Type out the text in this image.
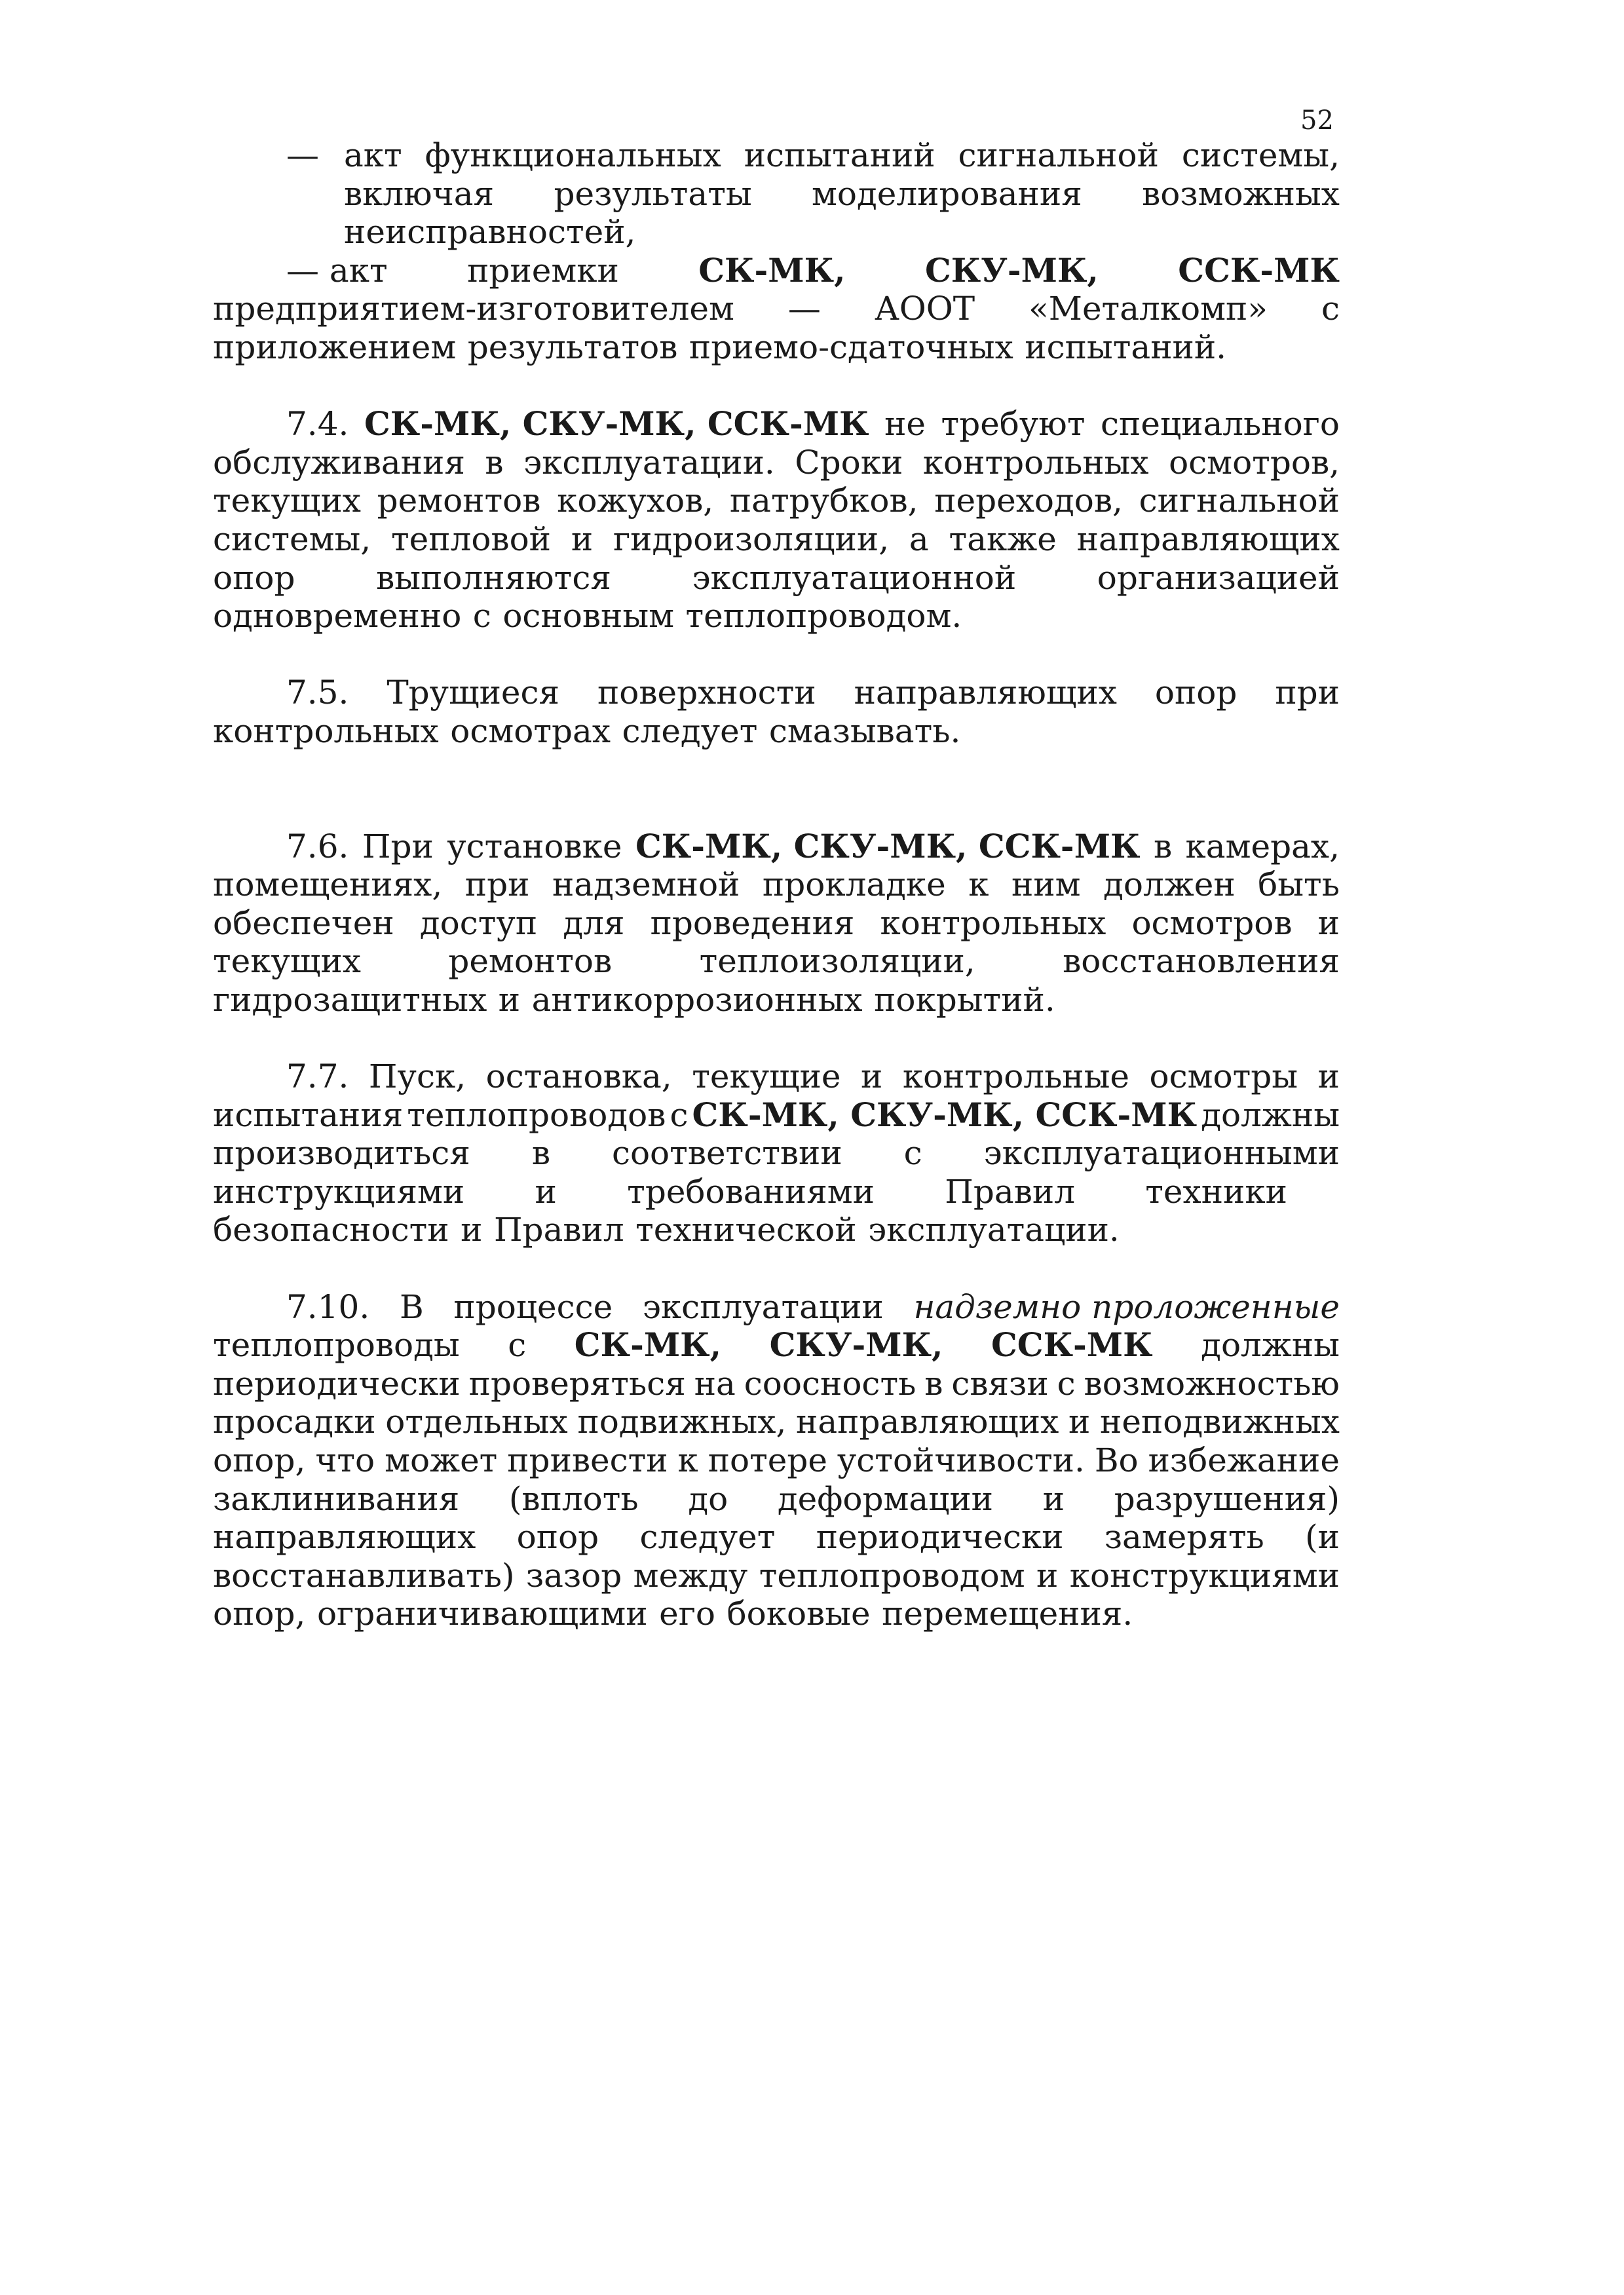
52
— акт функциональных испытаний сигнальной системы,
включая результаты моделирования возможных
неисправностей,
— акт приемки СК-МК, СКУ-МК, ССК-МК
предприятием-изготовителем — АООТ «Металкомп» с
приложением результатов приемо-сдаточных испытаний.
7.4. СК-МК, СКУ-МК, ССК-МК не требуют специального
обслуживания в эксплуатации. Сроки контрольных осмотров,
текущих ремонтов кожухов, патрубков, переходов, сигнальной
системы, тепловой и гидроизоляции, а также направляющих
опор выполняются эксплуатационной организацией
одновременно с основным теплопроводом.
7.5. Трущиеся поверхности направляющих опор при
контрольных осмотрах следует смазывать.
7.6. При установке СК-МК, СКУ-МК, ССК-МК в камерах,
помещениях, при надземной прокладке к ним должен быть
обеспечен доступ для проведения контрольных осмотров и
текущих	ремонтов	теплоизоляции,	восстановления
гидрозащитных и антикоррозионных покрытий.
7.7. Пуск, остановка, текущие и контрольные осмотры и
испытания теплопроводов с СК-МК, СКУ-МК, ССК-МК должны
производиться в соответствии с эксплуатационными
инструкциями и требованиями Правил техники
безопасности и Правил технической эксплуатации.
7.10. В процессе эксплуатации надземно проложенные
теплопроводы с СК-МК, СКУ-МК, ССК-МК должны
периодически проверяться на соосность в связи с возможностью
просадки отдельных подвижных, направляющих и неподвижных
опор, что может привести к потере устойчивости. Во избежание
заклинивания (вплоть до деформации и разрушения)
направляющих опор следует периодически замерять (и
восстанавливать) зазор между теплопроводом и конструкциями
опор, ограничивающими его боковые перемещения.
